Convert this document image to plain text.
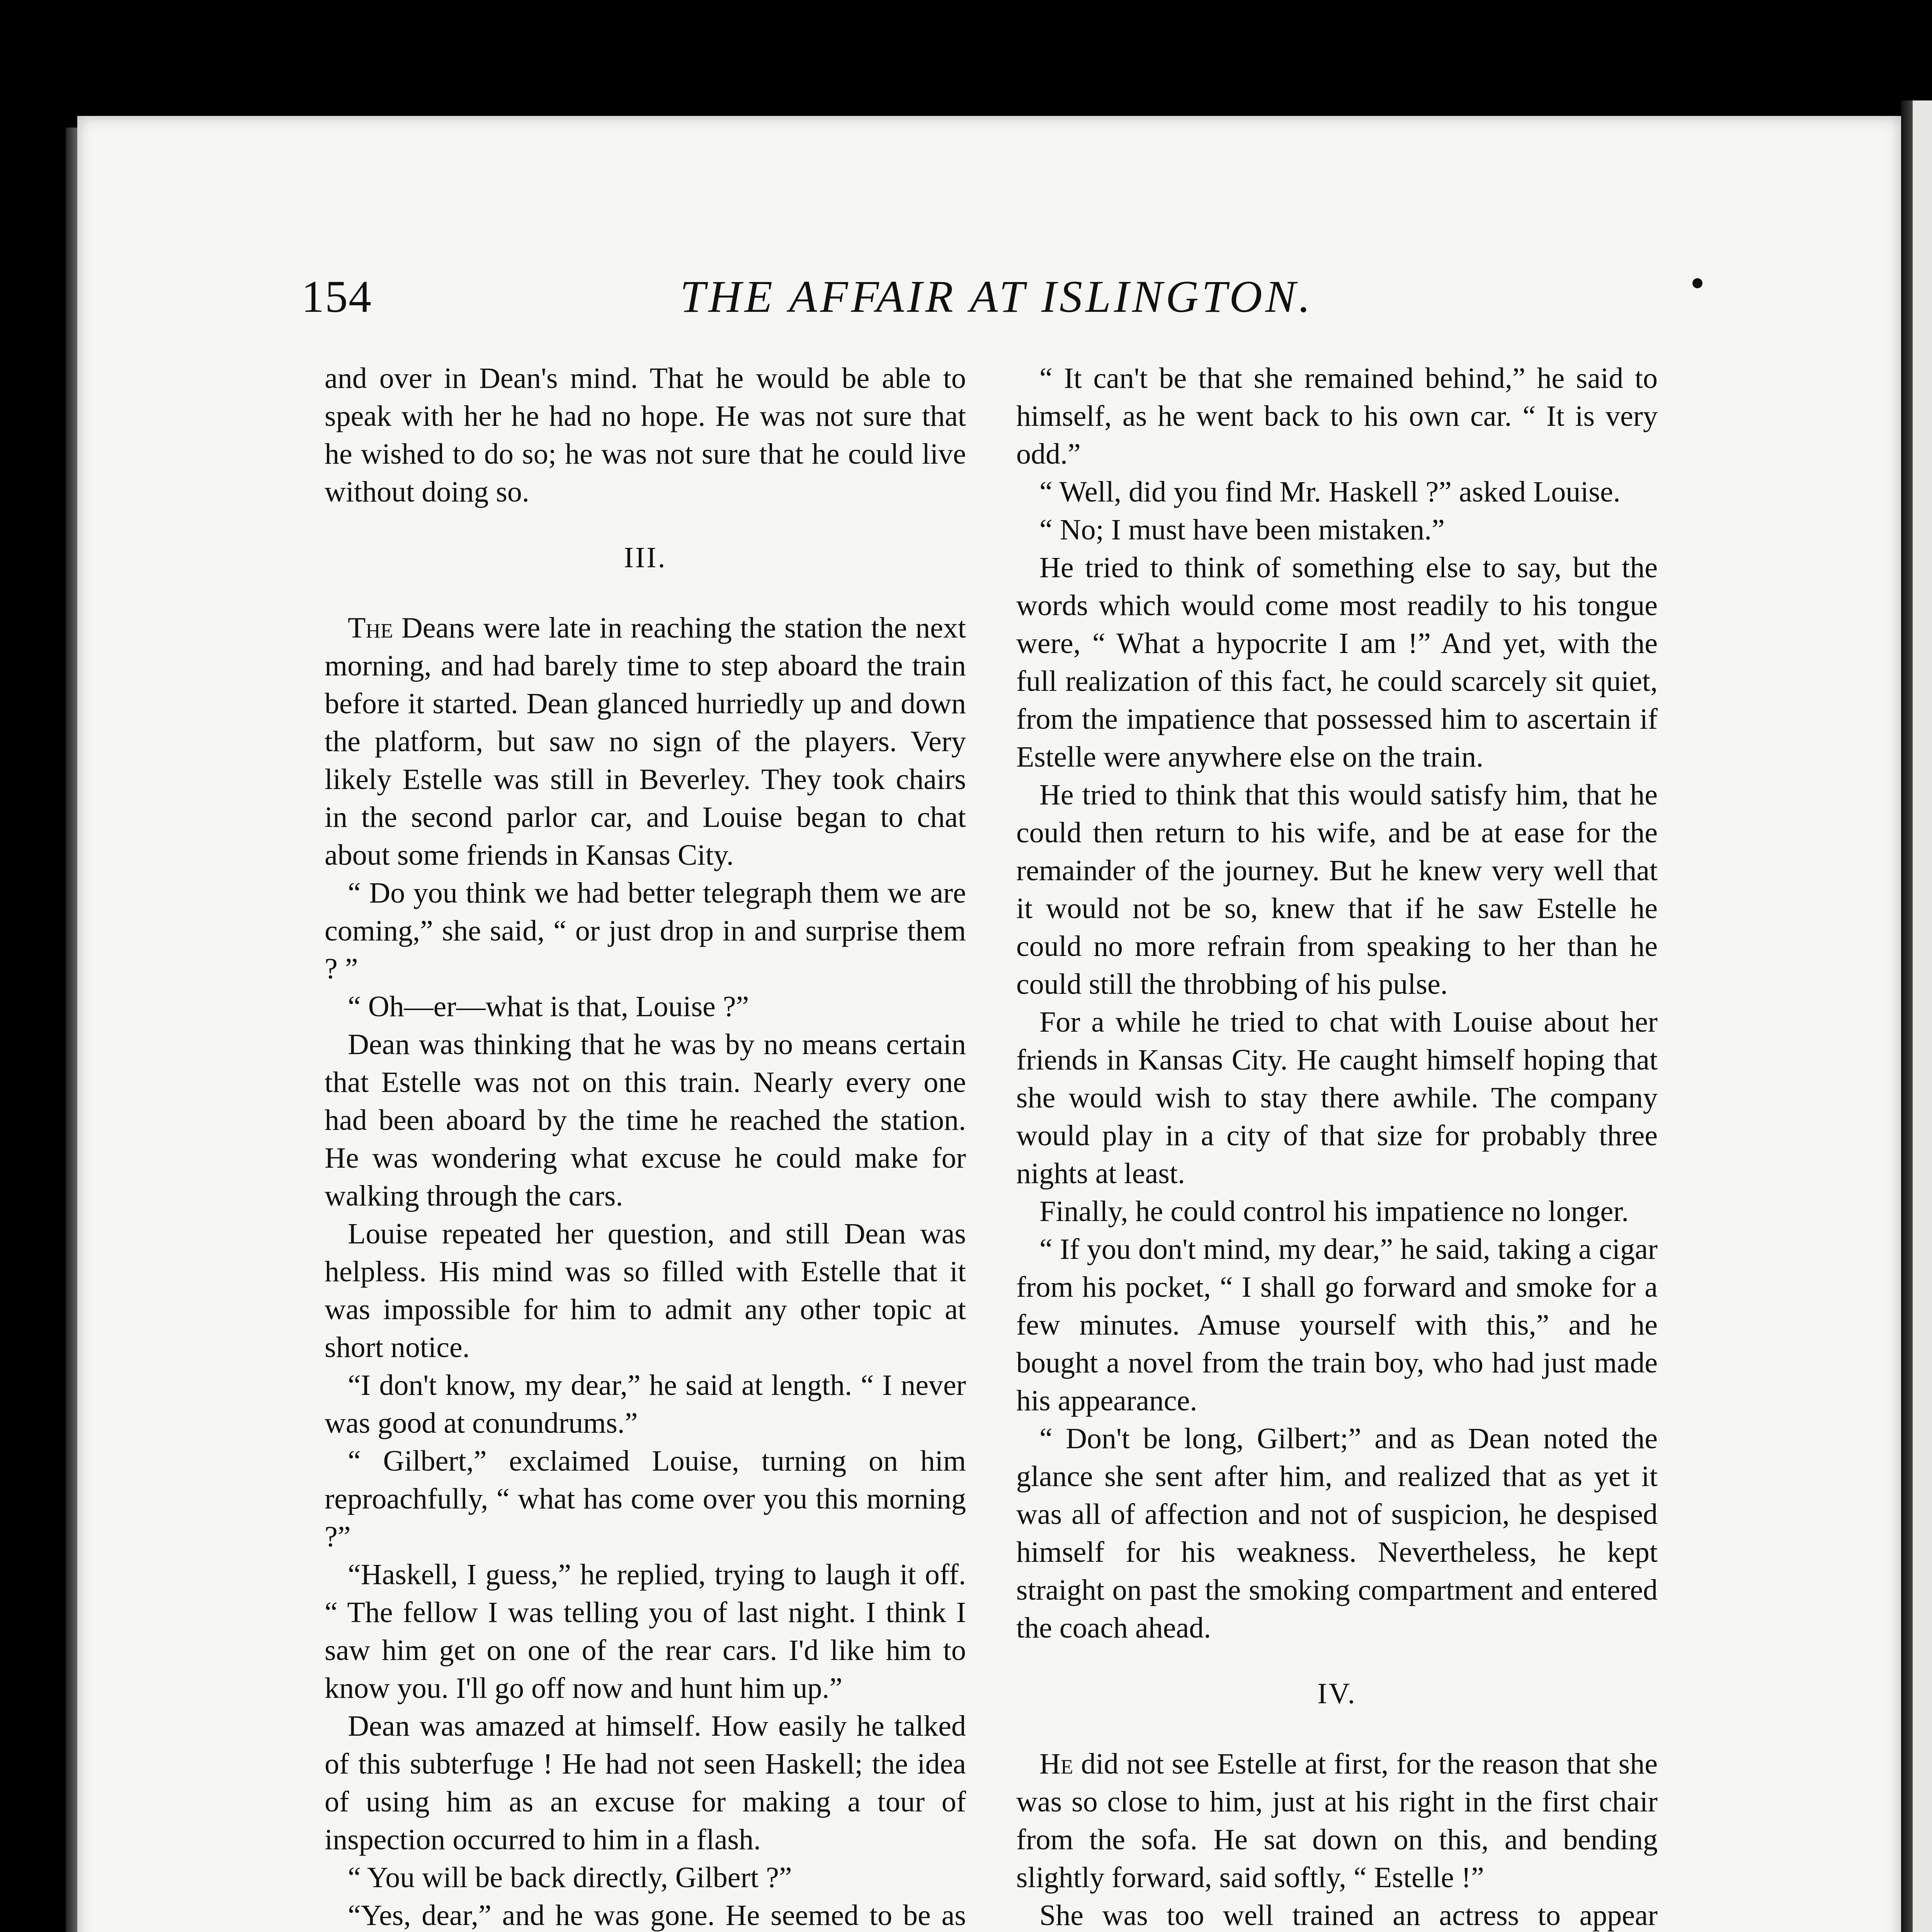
154	THE AFFAIR AT ISLINGTON.

and over in Dean's mind. That he would be able to speak with her he had no hope. He was not sure that he wished to do so; he was not sure that he could live without doing so.

III.

The Deans were late in reaching the station the next morning, and had barely time to step aboard the train before it started. Dean glanced hurriedly up and down the platform, but saw no sign of the players. Very likely Estelle was still in Beverley. They took chairs in the second parlor car, and Louise began to chat about some friends in Kansas City.

“ Do you think we had better telegraph them we are coming,” she said, “ or just drop in and surprise them ? ”

“ Oh—er—what is that, Louise ?”

Dean was thinking that he was by no means certain that Estelle was not on this train. Nearly every one had been aboard by the time he reached the station. He was wondering what excuse he could make for walking through the cars.

Louise repeated her question, and still Dean was helpless. His mind was so filled with Estelle that it was impossible for him to admit any other topic at short notice.

“I don't know, my dear,” he said at length. “ I never was good at conundrums.”

“ Gilbert,” exclaimed Louise, turning on him reproachfully, “ what has come over you this morning ?”

“Haskell, I guess,” he replied, trying to laugh it off. “ The fellow I was telling you of last night. I think I saw him get on one of the rear cars. I'd like him to know you. I'll go off now and hunt him up.”

Dean was amazed at himself. How easily he talked of this subterfuge ! He had not seen Haskell; the idea of using him as an excuse for making a tour of inspection occurred to him in a flash.

“ You will be back directly, Gilbert ?”

“Yes, dear,” and he was gone. He seemed to be as

“ It can't be that she remained behind,” he said to himself, as he went back to his own car. “ It is very odd.”

“ Well, did you find Mr. Haskell ?” asked Louise.

“ No; I must have been mistaken.”

He tried to think of something else to say, but the words which would come most readily to his tongue were, “ What a hypocrite I am !” And yet, with the full realization of this fact, he could scarcely sit quiet, from the impatience that possessed him to ascertain if Estelle were anywhere else on the train.

He tried to think that this would satisfy him, that he could then return to his wife, and be at ease for the remainder of the journey. But he knew very well that it would not be so, knew that if he saw Estelle he could no more refrain from speaking to her than he could still the throbbing of his pulse.

For a while he tried to chat with Louise about her friends in Kansas City. He caught himself hoping that she would wish to stay there awhile. The company would play in a city of that size for probably three nights at least.

Finally, he could control his impatience no longer.

“ If you don't mind, my dear,” he said, taking a cigar from his pocket, “ I shall go forward and smoke for a few minutes. Amuse yourself with this,” and he bought a novel from the train boy, who had just made his appearance.

“ Don't be long, Gilbert;” and as Dean noted the glance she sent after him, and realized that as yet it was all of affection and not of suspicion, he despised himself for his weakness. Nevertheless, he kept straight on past the smoking compartment and entered the coach ahead.

IV.

He did not see Estelle at first, for the reason that she was so close to him, just at his right in the first chair from the sofa. He sat down on this, and bending slightly forward, said softly, “ Estelle !”

She was too well trained an actress to appear
